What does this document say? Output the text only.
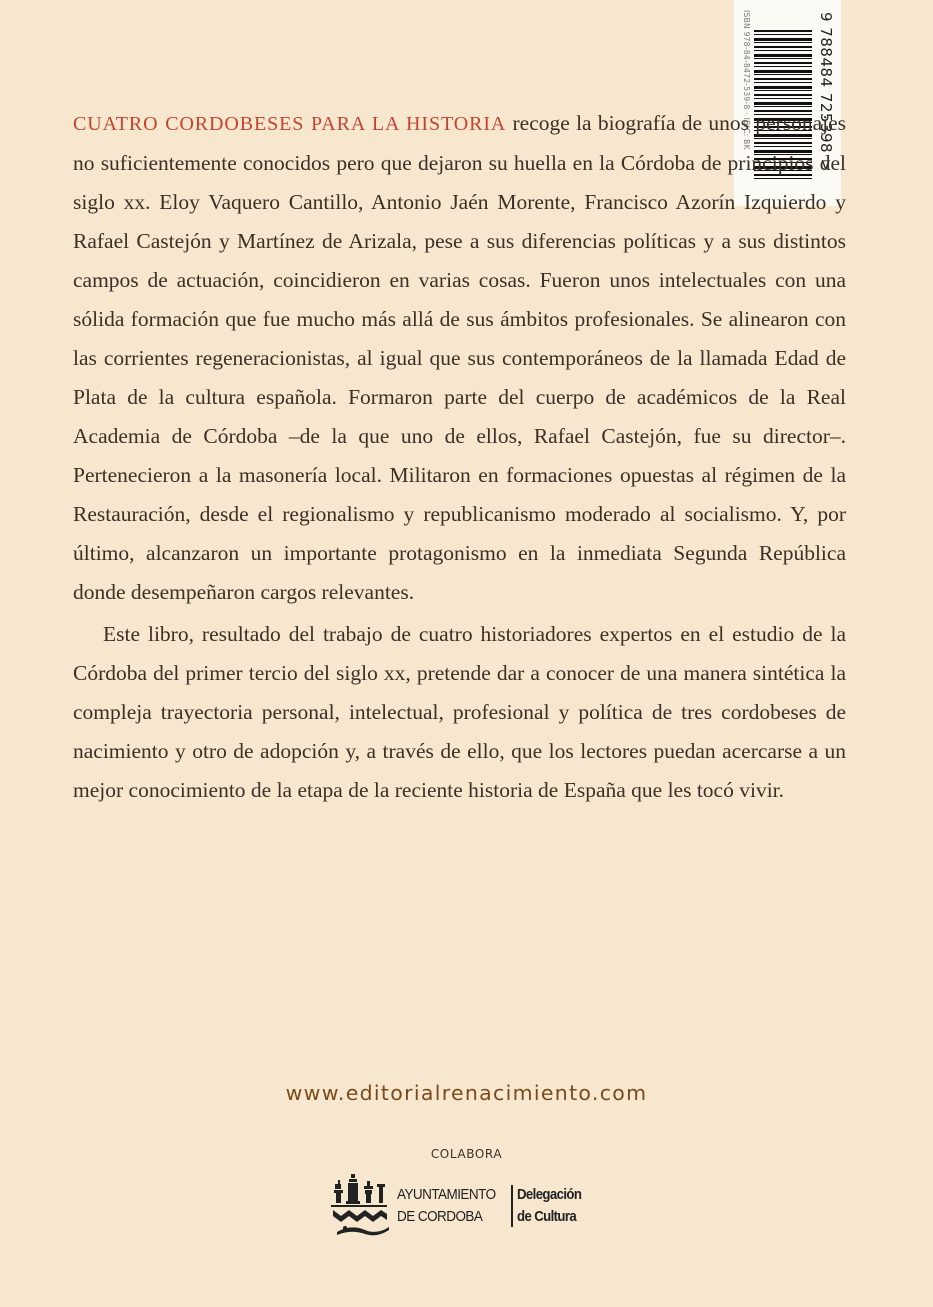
ISBN 978-84-8472-539-8 · IBIC: BK	9 788484 725398 >

CUATRO CORDOBESES PARA LA HISTORIA recoge la biografía de unos personajes no suficientemente conocidos pero que dejaron su huella en la Córdoba de principios del siglo xx. Eloy Vaquero Cantillo, Antonio Jaén Morente, Francisco Azorín Izquierdo y Rafael Castejón y Martínez de Arizala, pese a sus diferencias políticas y a sus distintos campos de actuación, coincidieron en varias cosas. Fueron unos intelectuales con una sólida formación que fue mucho más allá de sus ámbitos profesionales. Se alinearon con las corrientes regeneracionistas, al igual que sus contemporáneos de la llamada Edad de Plata de la cultura española. Formaron parte del cuerpo de académicos de la Real Academia de Córdoba –de la que uno de ellos, Rafael Castejón, fue su director–. Pertenecieron a la masonería local. Militaron en formaciones opuestas al régimen de la Restauración, desde el regionalismo y republicanismo moderado al socialismo. Y, por último, alcanzaron un importante protagonismo en la inmediata Segunda República donde desempeñaron cargos relevantes.

Este libro, resultado del trabajo de cuatro historiadores expertos en el estudio de la Córdoba del primer tercio del siglo xx, pretende dar a conocer de una manera sintética la compleja trayectoria personal, intelectual, profesional y política de tres cordobeses de nacimiento y otro de adopción y, a través de ello, que los lectores puedan acercarse a un mejor conocimiento de la etapa de la reciente historia de España que les tocó vivir.

www.editorialrenacimiento.com
COLABORA
AYUNTAMIENTO
DE CORDOBA
Delegación
de Cultura
